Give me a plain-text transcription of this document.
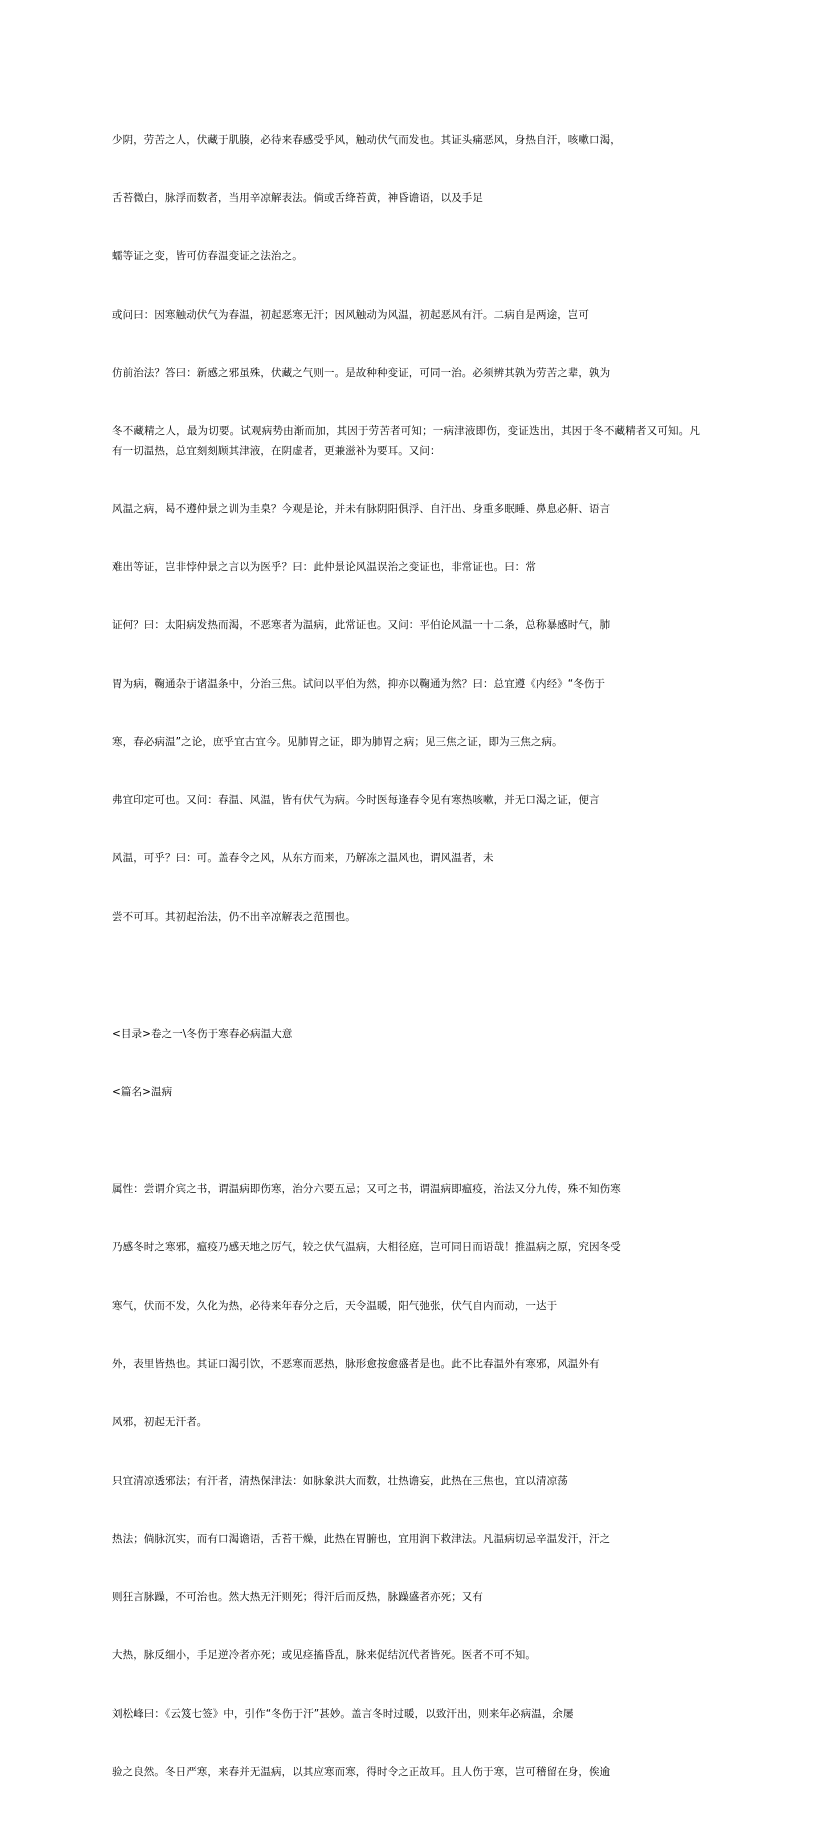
少阴，劳苦之人，伏藏于肌腠，必待来春感受乎风，触动伏气而发也。其证头痛恶风，身热自汗，咳嗽口渴，

舌苔微白，脉浮而数者，当用辛凉解表法。倘或舌绛苔黄，神昏谵语，以及手足

蠕等证之变，皆可仿春温变证之法治之。

或问曰：因寒触动伏气为春温，初起恶寒无汗；因风触动为风温，初起恶风有汗。二病自是两途，岂可

仿前治法？答曰：新感之邪虽殊，伏藏之气则一。是故种种变证，可同一治。必须辨其孰为劳苦之辈，孰为

冬不藏精之人，最为切要。试观病势由渐而加，其因于劳苦者可知；一病津液即伤，变证迭出，其因于冬不藏精者又可知。凡有一切温热，总宜刻刻顾其津液，在阴虚者，更兼滋补为要耳。又问：

风温之病，曷不遵仲景之训为圭臬？今观是论，并未有脉阴阳俱浮、自汗出、身重多眠睡、鼻息必鼾、语言

难出等证，岂非悖仲景之言以为医乎？曰：此仲景论风温误治之变证也，非常证也。曰：常

证何？曰：太阳病发热而渴，不恶寒者为温病，此常证也。又问：平伯论风温一十二条，总称暴感时气，肺

胃为病，鞠通杂于诸温条中，分治三焦。试问以平伯为然，抑亦以鞠通为然？曰：总宜遵《内经》“冬伤于

寒，春必病温”之论，庶乎宜古宜今。见肺胃之证，即为肺胃之病；见三焦之证，即为三焦之病。

弗宜印定可也。又问：春温、风温，皆有伏气为病。今时医每逢春令见有寒热咳嗽，并无口渴之证，便言

风温，可乎？曰：可。盖春令之风，从东方而来，乃解冻之温风也，谓风温者，未

尝不可耳。其初起治法，仍不出辛凉解表之范围也。

<目录>卷之一\冬伤于寒春必病温大意

<篇名>温病

属性：尝谓介宾之书，谓温病即伤寒，治分六要五忌；又可之书，谓温病即瘟疫，治法又分九传，殊不知伤寒

乃感冬时之寒邪，瘟疫乃感天地之厉气，较之伏气温病，大相径庭，岂可同日而语哉！推温病之原，究因冬受

寒气，伏而不发，久化为热，必待来年春分之后，天令温暖，阳气弛张，伏气自内而动，一达于

外，表里皆热也。其证口渴引饮，不恶寒而恶热，脉形愈按愈盛者是也。此不比春温外有寒邪，风温外有

风邪，初起无汗者。

只宜清凉透邪法；有汗者，清热保津法：如脉象洪大而数，壮热谵妄，此热在三焦也，宜以清凉荡

热法；倘脉沉实，而有口渴谵语，舌苔干燥，此热在胃腑也，宜用润下救津法。凡温病切忌辛温发汗，汗之

则狂言脉躁，不可治也。然大热无汗则死；得汗后而反热，脉躁盛者亦死；又有

大热，脉反细小，手足逆冷者亦死；或见痉搐昏乱，脉来促结沉代者皆死。医者不可不知。

刘松峰曰：《云笈七签》中，引作“冬伤于汗”甚妙。盖言冬时过暖，以致汗出，则来年必病温，余屡

验之良然。冬日严寒，来春并无温病，以其应寒而寒，得时令之正故耳。且人伤于寒，岂可稽留在身，俟逾
